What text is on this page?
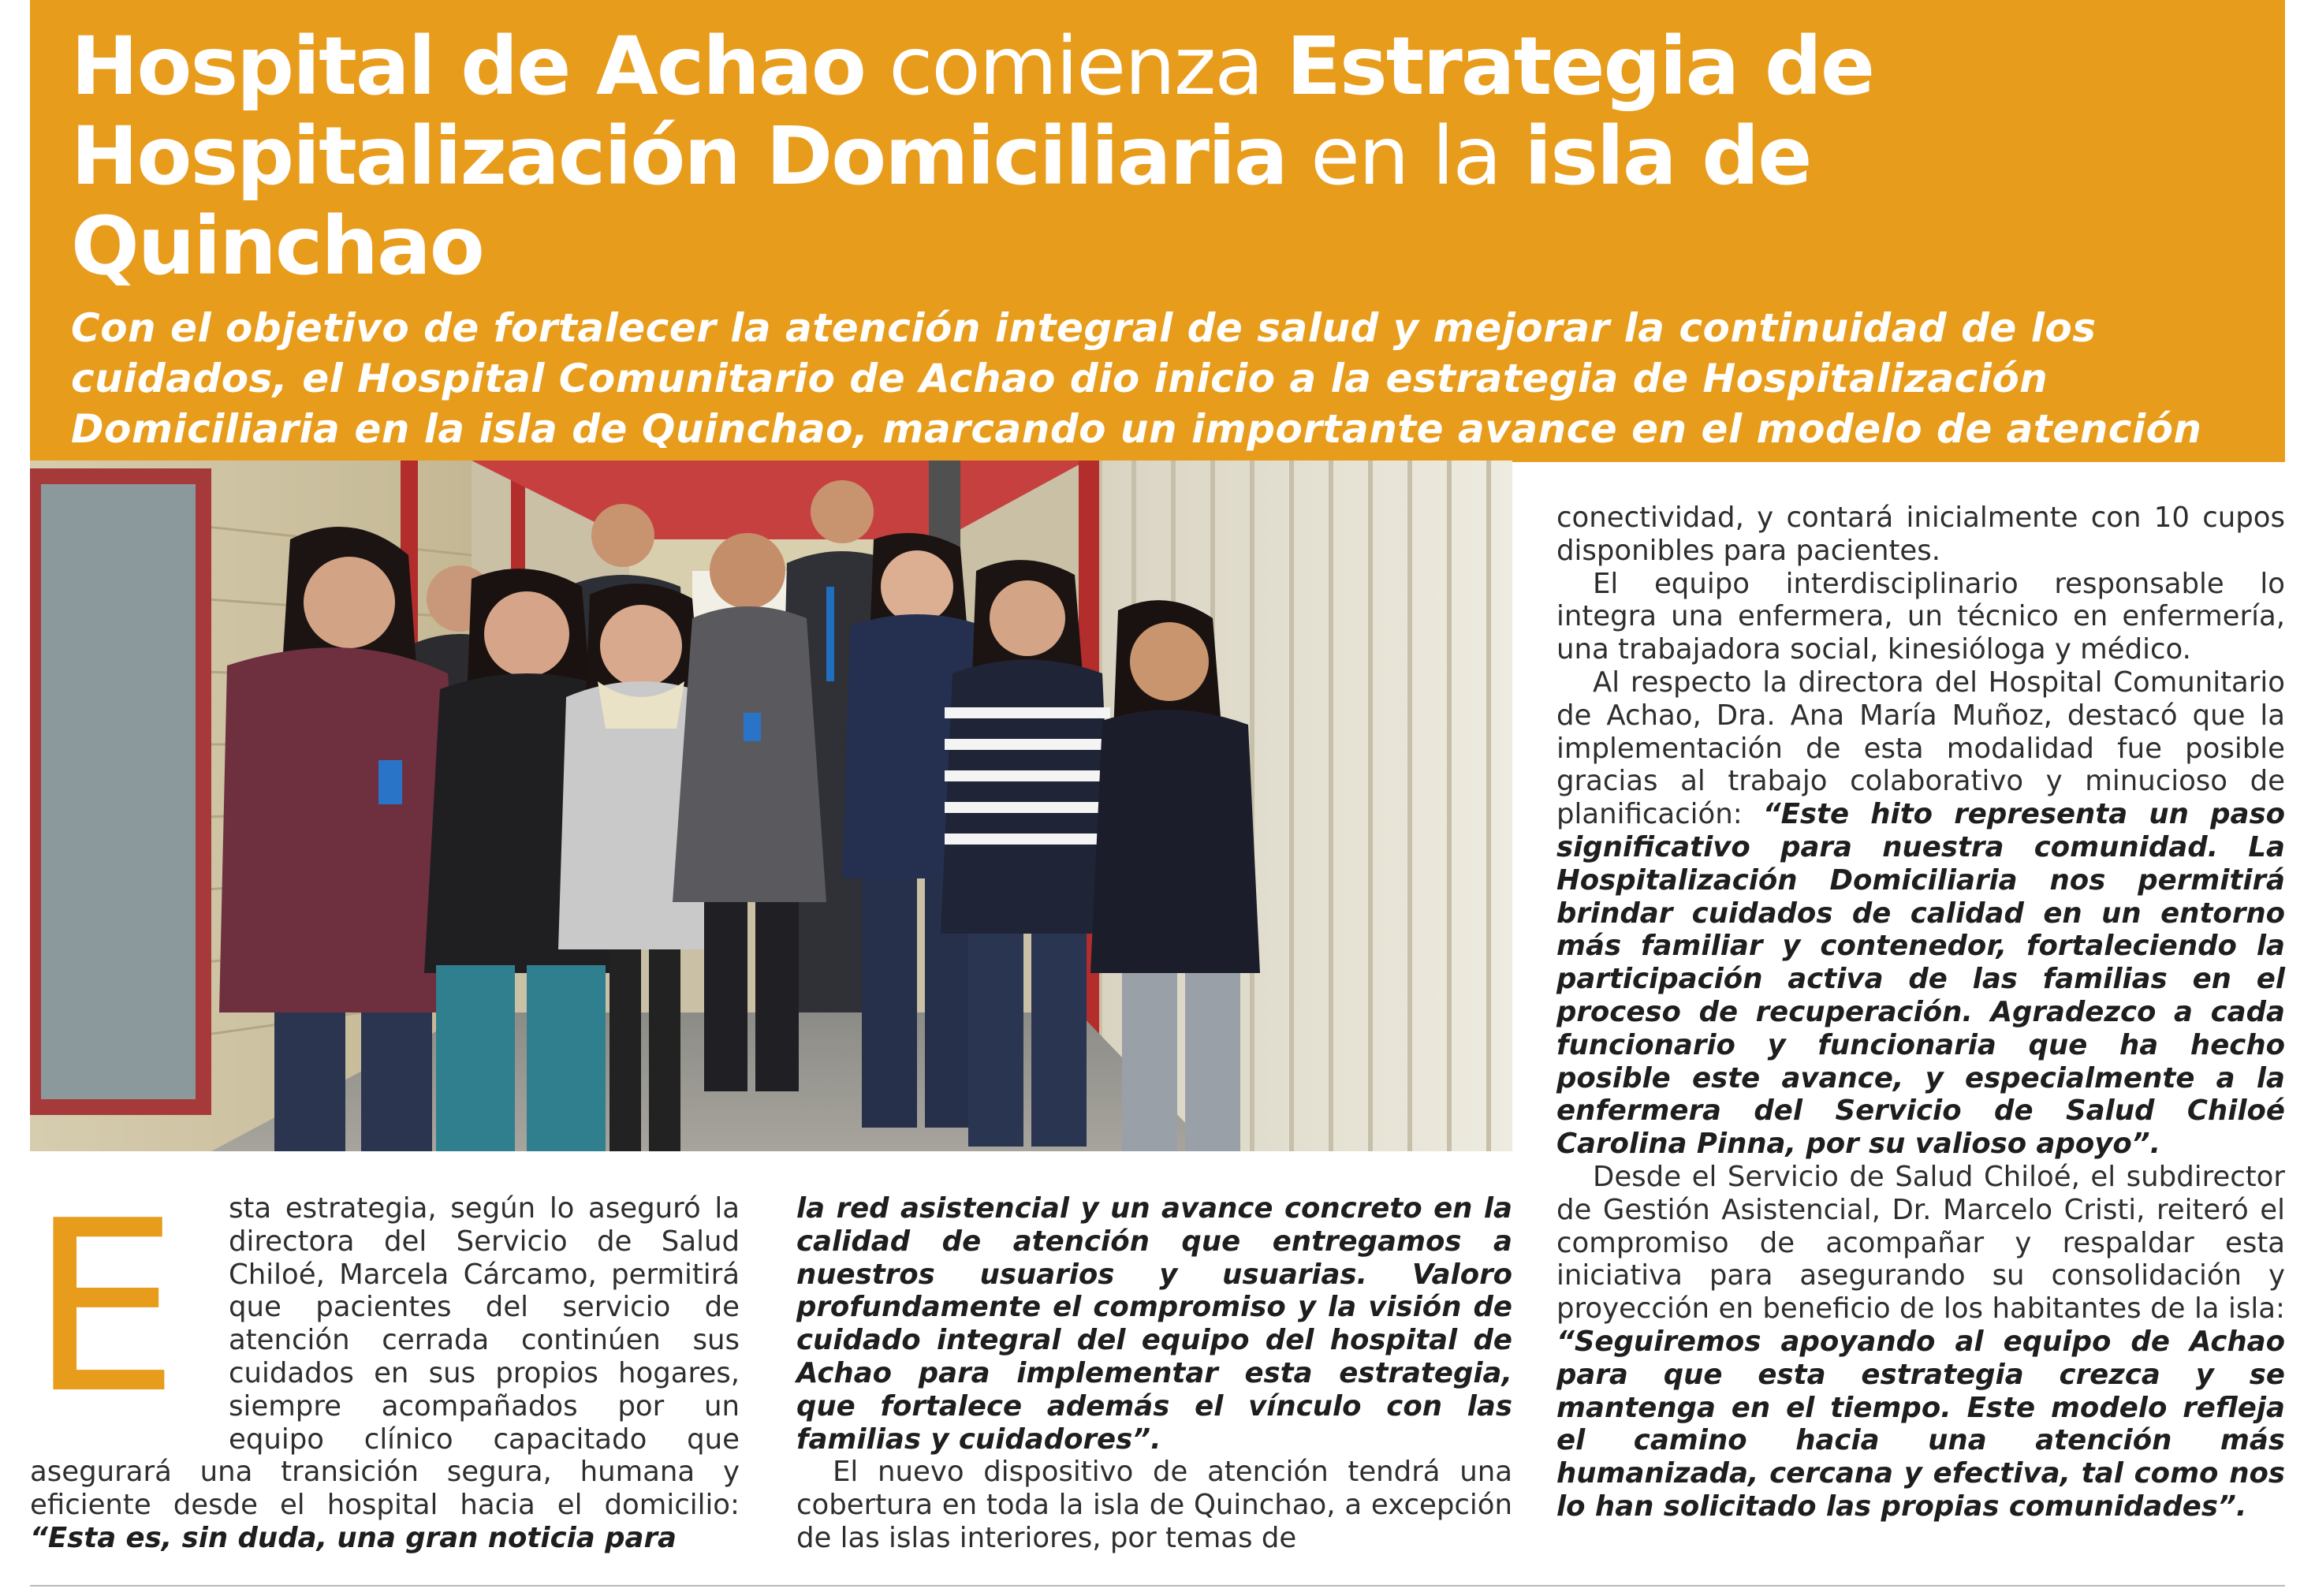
Hospital de Achao comienza Estrategia de
Hospitalización Domiciliaria en la isla de Quinchao

Con el objetivo de fortalecer la atención integral de salud y mejorar la continuidad de los cuidados, el Hospital Comunitario de Achao dio inicio a la estrategia de Hospitalización Domiciliaria en la isla de Quinchao, marcando un importante avance en el modelo de atención

E	sta estrategia, según lo aseguró la directora del Servicio de Salud Chiloé, Marcela Cárcamo, permitirá que pacientes del servicio de atención cerrada continúen sus cuidados en sus propios hogares, siempre acompañados por un equipo clínico capacitado que asegurará una transición segura, humana y eficiente desde el hospital hacia el domicilio: “Esta es, sin duda, una gran noticia para

la red asistencial y un avance concreto en la calidad de atención que entregamos a nuestros usuarios y usuarias. Valoro profundamente el compromiso y la visión de cuidado integral del equipo del hospital de Achao para implementar esta estrategia, que fortalece además el vínculo con las familias y cuidadores”.

El nuevo dispositivo de atención tendrá una cobertura en toda la isla de Quinchao, a excepción de las islas interiores, por temas de

conectividad, y contará inicialmente con 10 cupos disponibles para pacientes.

El equipo interdisciplinario responsable lo integra una enfermera, un técnico en enfermería, una trabajadora social, kinesióloga y médico.

Al respecto la directora del Hospital Comunitario de Achao, Dra. Ana María Muñoz, destacó que la implementación de esta modalidad fue posible gracias al trabajo colaborativo y minucioso de planificación: “Este hito representa un paso significativo para nuestra comunidad. La Hospitalización Domiciliaria nos permitirá brindar cuidados de calidad en un entorno más familiar y contenedor, fortaleciendo la participación activa de las familias en el proceso de recuperación. Agradezco a cada funcionario y funcionaria que ha hecho posible este avance, y especialmente a la enfermera del Servicio de Salud Chiloé Carolina Pinna, por su valioso apoyo”.

Desde el Servicio de Salud Chiloé, el subdirector de Gestión Asistencial, Dr. Marcelo Cristi, reiteró el compromiso de acompañar y respaldar esta iniciativa para asegurando su consolidación y proyección en beneficio de los habitantes de la isla: “Seguiremos apoyando al equipo de Achao para que esta estrategia crezca y se mantenga en el tiempo. Este modelo refleja el camino hacia una atención más humanizada, cercana y efectiva, tal como nos lo han solicitado las propias comunidades”.
